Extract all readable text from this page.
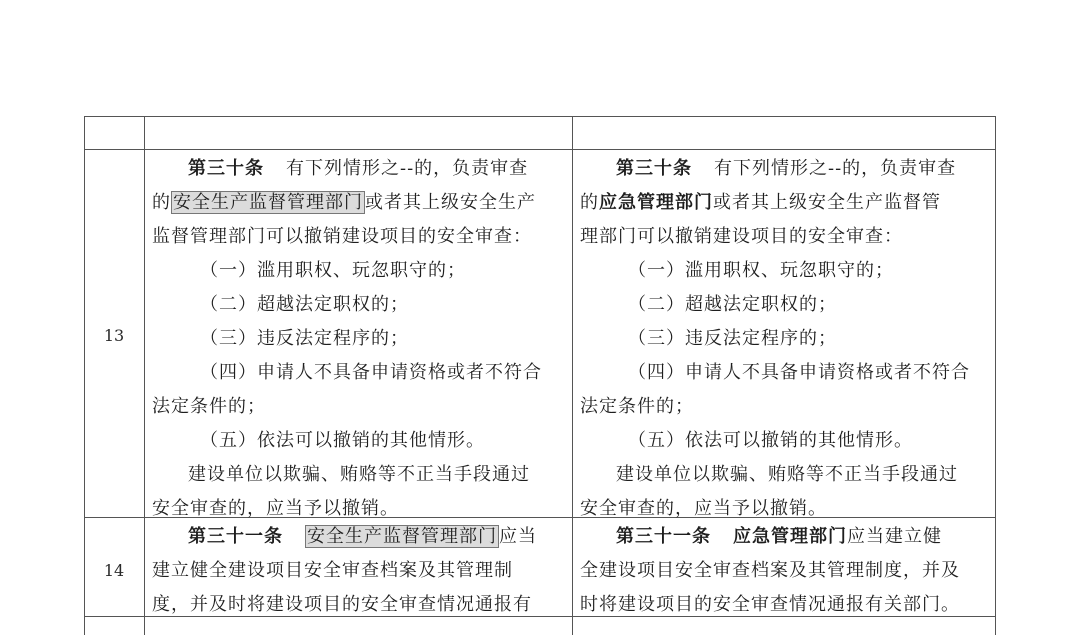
13

第三十条 有下列情形之--的，负责审查

的 安全生产监督管理部门 或者其上级安全生产

监督管理部门可以撤销建设项目的安全审查：

（一）滥用职权、玩忽职守的；

（二）超越法定职权的；

（三）违反法定程序的；

（四）申请人不具备申请资格或者不符合

法定条件的；

（五）依法可以撤销的其他情形。

建设单位以欺骗、贿赂等不正当手段通过

安全审查的，应当予以撤销。

第三十条 有下列情形之--的，负责审查

的应急管理部门或者其上级安全生产监督管

理部门可以撤销建设项目的安全审查：

（一）滥用职权、玩忽职守的；

（二）超越法定职权的；

（三）违反法定程序的；

（四）申请人不具备申请资格或者不符合

法定条件的；

（五）依法可以撤销的其他情形。

建设单位以欺骗、贿赂等不正当手段通过

安全审查的，应当予以撤销。

14

第三十一条 安全生产监督管理部门 应当

建立健全建设项目安全审查档案及其管理制

度，并及时将建设项目的安全审查情况通报有

第三十一条 应急管理部门应当建立健

全建设项目安全审查档案及其管理制度，并及

时将建设项目的安全审查情况通报有关部门。
